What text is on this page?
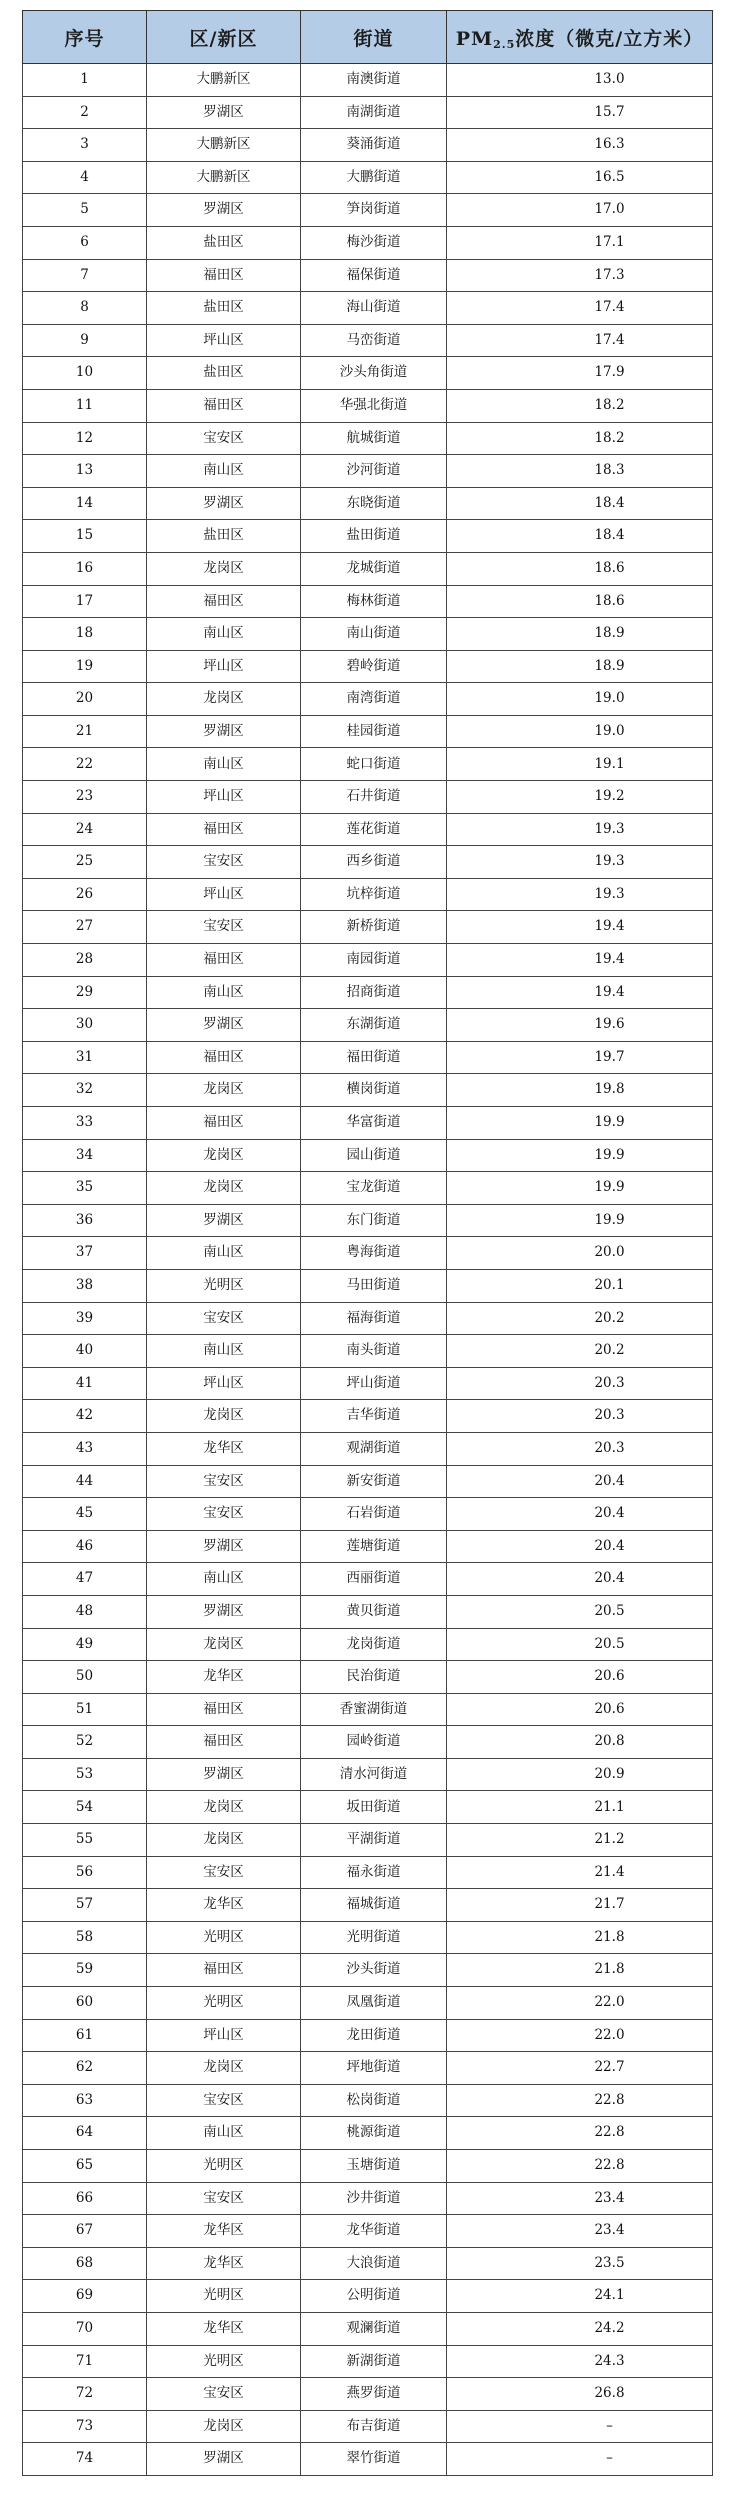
序号	区/新区	街道	$PM_{2.5}$浓度（微克/立方米）
1	大鹏新区	南澳街道	13.0
2	罗湖区	南湖街道	15.7
3	大鹏新区	葵涌街道	16.3
4	大鹏新区	大鹏街道	16.5
5	罗湖区	笋岗街道	17.0
6	盐田区	梅沙街道	17.1
7	福田区	福保街道	17.3
8	盐田区	海山街道	17.4
9	坪山区	马峦街道	17.4
10	盐田区	沙头角街道	17.9
11	福田区	华强北街道	18.2
12	宝安区	航城街道	18.2
13	南山区	沙河街道	18.3
14	罗湖区	东晓街道	18.4
15	盐田区	盐田街道	18.4
16	龙岗区	龙城街道	18.6
17	福田区	梅林街道	18.6
18	南山区	南山街道	18.9
19	坪山区	碧岭街道	18.9
20	龙岗区	南湾街道	19.0
21	罗湖区	桂园街道	19.0
22	南山区	蛇口街道	19.1
23	坪山区	石井街道	19.2
24	福田区	莲花街道	19.3
25	宝安区	西乡街道	19.3
26	坪山区	坑梓街道	19.3
27	宝安区	新桥街道	19.4
28	福田区	南园街道	19.4
29	南山区	招商街道	19.4
30	罗湖区	东湖街道	19.6
31	福田区	福田街道	19.7
32	龙岗区	横岗街道	19.8
33	福田区	华富街道	19.9
34	龙岗区	园山街道	19.9
35	龙岗区	宝龙街道	19.9
36	罗湖区	东门街道	19.9
37	南山区	粤海街道	20.0
38	光明区	马田街道	20.1
39	宝安区	福海街道	20.2
40	南山区	南头街道	20.2
41	坪山区	坪山街道	20.3
42	龙岗区	吉华街道	20.3
43	龙华区	观湖街道	20.3
44	宝安区	新安街道	20.4
45	宝安区	石岩街道	20.4
46	罗湖区	莲塘街道	20.4
47	南山区	西丽街道	20.4
48	罗湖区	黄贝街道	20.5
49	龙岗区	龙岗街道	20.5
50	龙华区	民治街道	20.6
51	福田区	香蜜湖街道	20.6
52	福田区	园岭街道	20.8
53	罗湖区	清水河街道	20.9
54	龙岗区	坂田街道	21.1
55	龙岗区	平湖街道	21.2
56	宝安区	福永街道	21.4
57	龙华区	福城街道	21.7
58	光明区	光明街道	21.8
59	福田区	沙头街道	21.8
60	光明区	凤凰街道	22.0
61	坪山区	龙田街道	22.0
62	龙岗区	坪地街道	22.7
63	宝安区	松岗街道	22.8
64	南山区	桃源街道	22.8
65	光明区	玉塘街道	22.8
66	宝安区	沙井街道	23.4
67	龙华区	龙华街道	23.4
68	龙华区	大浪街道	23.5
69	光明区	公明街道	24.1
70	龙华区	观澜街道	24.2
71	光明区	新湖街道	24.3
72	宝安区	燕罗街道	26.8
73	龙岗区	布吉街道	–
74	罗湖区	翠竹街道	–
